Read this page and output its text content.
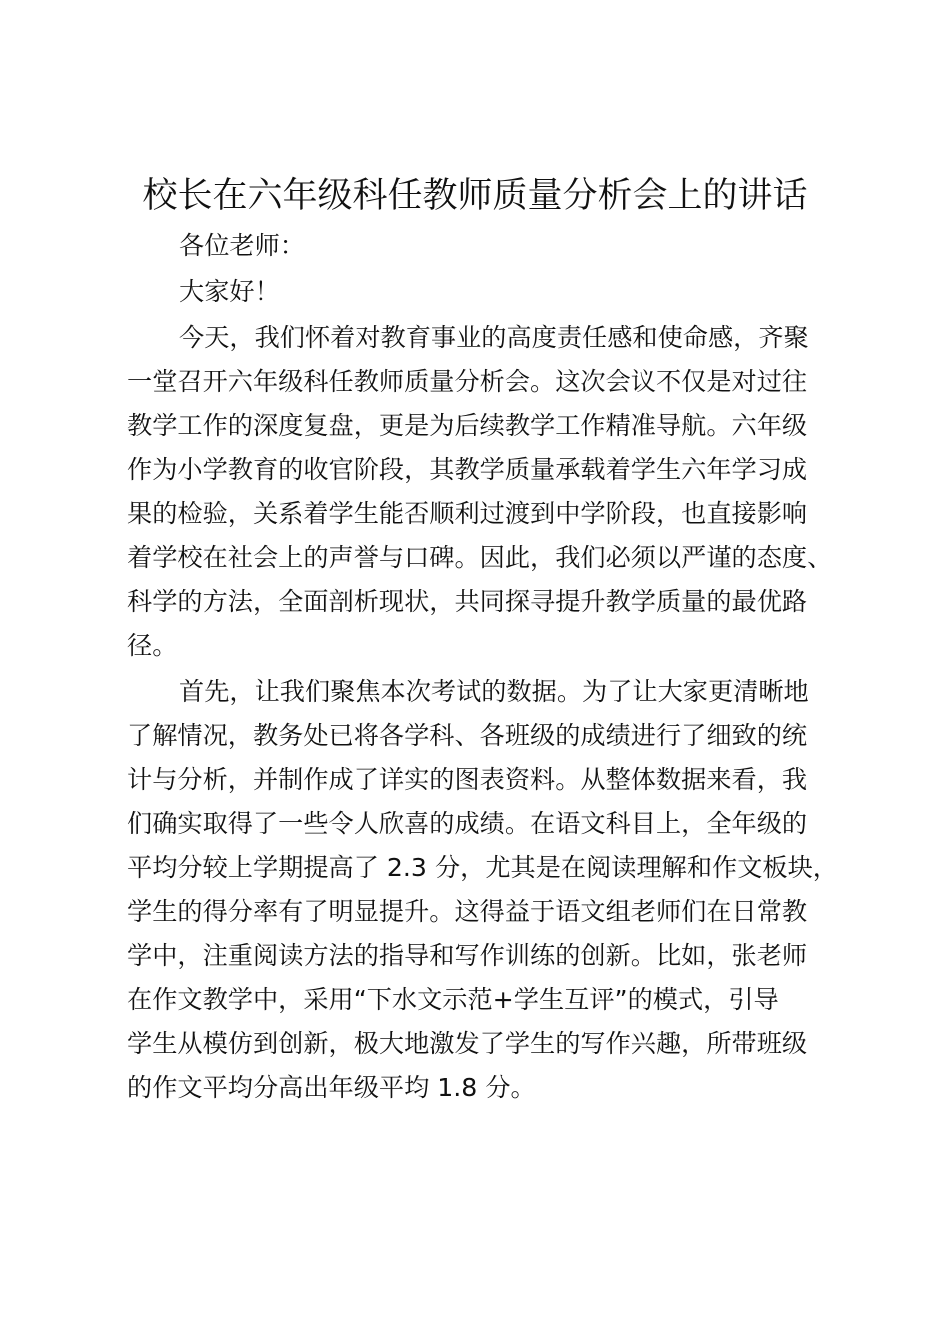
校长在六年级科任教师质量分析会上的讲话
各位老师：
大家好！
今天，我们怀着对教育事业的高度责任感和使命感，齐聚
一堂召开六年级科任教师质量分析会。这次会议不仅是对过往
教学工作的深度复盘，更是为后续教学工作精准导航。六年级
作为小学教育的收官阶段，其教学质量承载着学生六年学习成
果的检验，关系着学生能否顺利过渡到中学阶段，也直接影响
着学校在社会上的声誉与口碑。因此，我们必须以严谨的态度、
科学的方法，全面剖析现状，共同探寻提升教学质量的最优路
径。
首先，让我们聚焦本次考试的数据。为了让大家更清晰地
了解情况，教务处已将各学科、各班级的成绩进行了细致的统
计与分析，并制作成了详实的图表资料。从整体数据来看，我
们确实取得了一些令人欣喜的成绩。在语文科目上，全年级的
平均分较上学期提高了 2.3 分，尤其是在阅读理解和作文板块，
学生的得分率有了明显提升。这得益于语文组老师们在日常教
学中，注重阅读方法的指导和写作训练的创新。比如，张老师
在作文教学中，采用“下水文示范+学生互评”的模式，引导
学生从模仿到创新，极大地激发了学生的写作兴趣，所带班级
的作文平均分高出年级平均 1.8 分。
